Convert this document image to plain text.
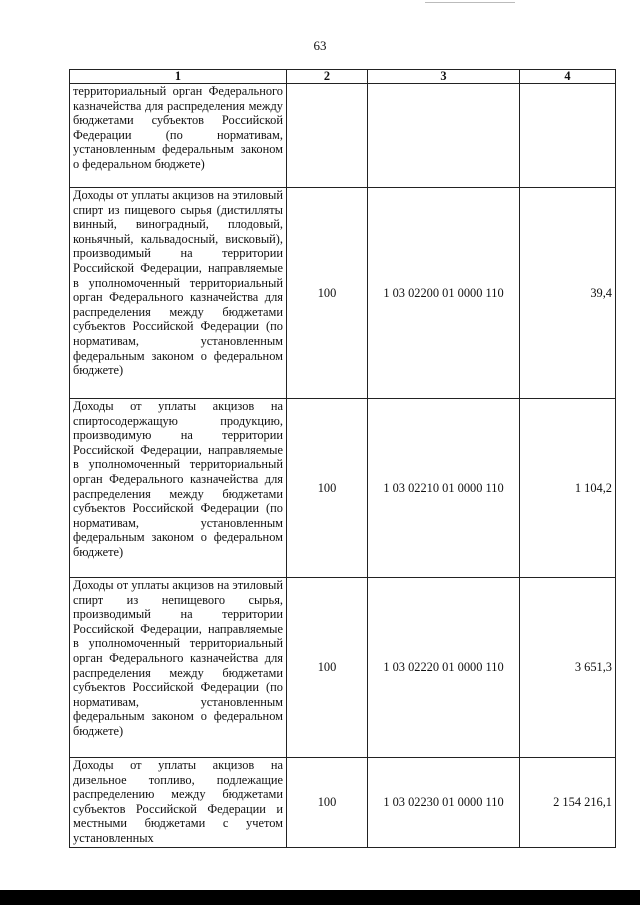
63
1	2	3	4
территориальный орган Федерального казначейства для распределения между бюджетами субъектов Российской Федерации (по нормативам, установленным федеральным законом о федеральном бюджете)			
Доходы от уплаты акцизов на этиловый спирт из пищевого сырья (дистилляты винный, виноградный, плодовый, коньячный, кальвадосный, висковый), производимый на территории Российской Федерации, направляемые в уполномоченный территориальный орган Федерального казначейства для распределения между бюджетами субъектов Российской Федерации (по нормативам, установленным федеральным законом о федеральном бюджете)	100	1 03 02200 01 0000 110	39,4
Доходы от уплаты акцизов на спиртосодержащую продукцию, производимую на территории Российской Федерации, направляемые в уполномоченный территориальный орган Федерального казначейства для распределения между бюджетами субъектов Российской Федерации (по нормативам, установленным федеральным законом о федеральном бюджете)	100	1 03 02210 01 0000 110	1 104,2
Доходы от уплаты акцизов на этиловый спирт из непищевого сырья, производимый на территории Российской Федерации, направляемые в уполномоченный территориальный орган Федерального казначейства для распределения между бюджетами субъектов Российской Федерации (по нормативам, установленным федеральным законом о федеральном бюджете)	100	1 03 02220 01 0000 110	3 651,3
Доходы от уплаты акцизов на дизельное топливо, подлежащие распределению между бюджетами субъектов Российской Федерации и местными бюджетами с учетом установленных	100	1 03 02230 01 0000 110	2 154 216,1
